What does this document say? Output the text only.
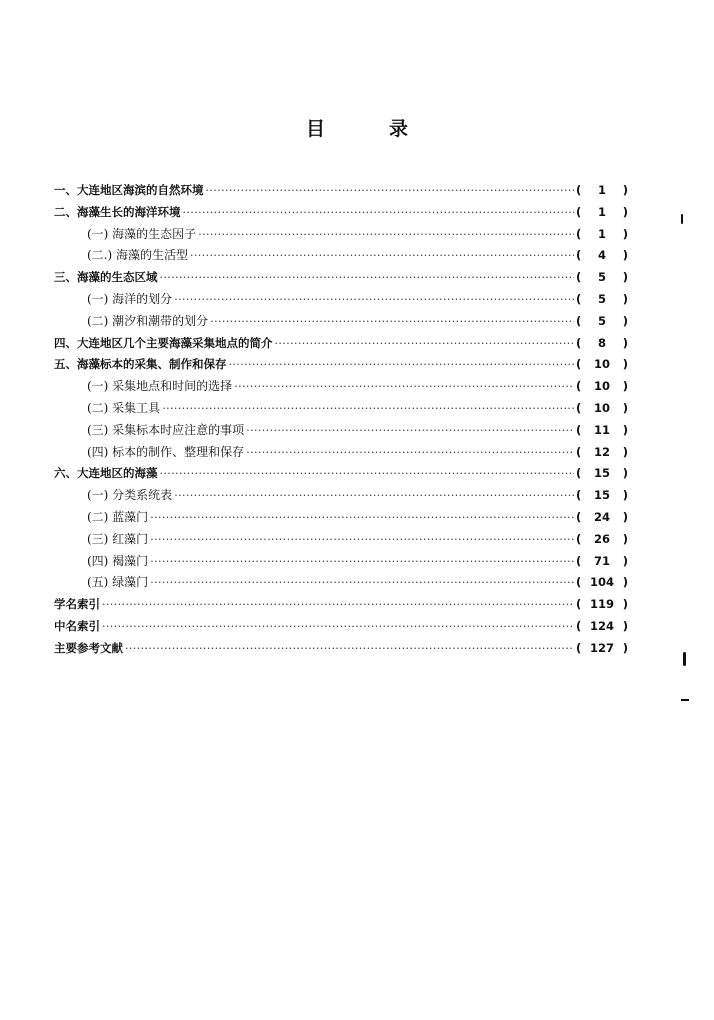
目	录
一、大连地区海滨的自然环境 ·····	(	1	)
二、海藻生长的海洋环境 ·····	(	1	)
(一) 海藻的生态因子 ·····	(	1	)
(二.) 海藻的生活型 ·····	(	4	)
三、海藻的生态区域 ·····	(	5	)
(一) 海洋的划分 ·····	(	5	)
(二) 潮汐和潮带的划分 ·····	(	5	)
四、大连地区几个主要海藻采集地点的简介 ·····	(	8	)
五、海藻标本的采集、制作和保存 ·····	(	10	)
(一) 采集地点和时间的选择 ·····	(	10	)
(二) 采集工具 ·····	(	10	)
(三) 采集标本时应注意的事项 ·····	(	11	)
(四) 标本的制作、整理和保存 ·····	(	12	)
六、大连地区的海藻 ·····	(	15	)
(一) 分类系统表 ·····	(	15	)
(二) 蓝藻门 ·····	(	24	)
(三) 红藻门 ·····	(	26	)
(四) 褐藻门 ·····	(	71	)
(五) 绿藻门 ·····	( 104 )
学名索引 ·····	( 119 )
中名索引 ·····	( 124 )
主要参考文献 ·····	( 127 )
